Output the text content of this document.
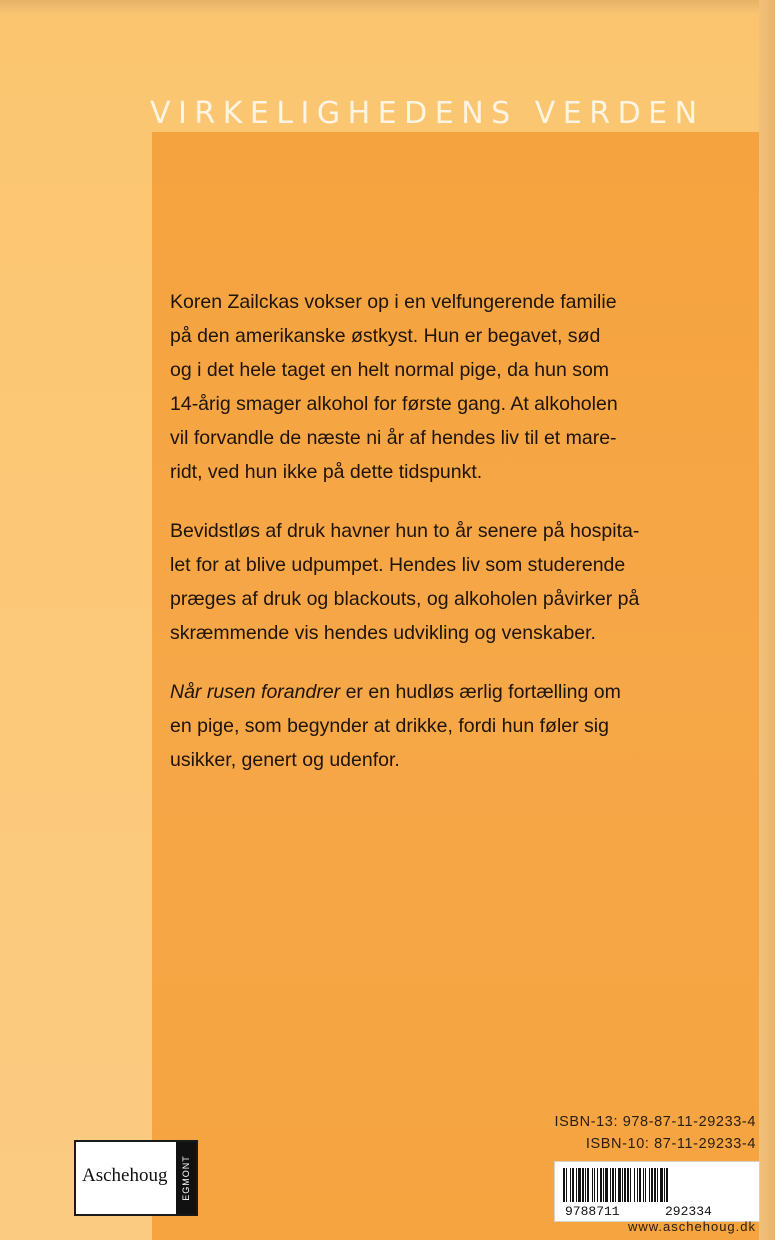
VIRKELIGHEDENS VERDEN

Koren Zailckas vokser op i en velfungerende familie
på den amerikanske østkyst. Hun er begavet, sød
og i det hele taget en helt normal pige, da hun som
14-årig smager alkohol for første gang. At alkoholen
vil forvandle de næste ni år af hendes liv til et mare-
ridt, ved hun ikke på dette tidspunkt.

Bevidstløs af druk havner hun to år senere på hospita-
let for at blive udpumpet. Hendes liv som studerende
præges af druk og blackouts, og alkoholen påvirker på
skræmmende vis hendes udvikling og venskaber.

Når rusen forandrer er en hudløs ærlig fortælling om
en pige, som begynder at drikke, fordi hun føler sig
usikker, genert og udenfor.

ISBN-13: 978-87-11-29233-4
ISBN-10: 87-11-29233-4
9788711	292334
www.aschehoug.dk
Aschehoug EGMONT
